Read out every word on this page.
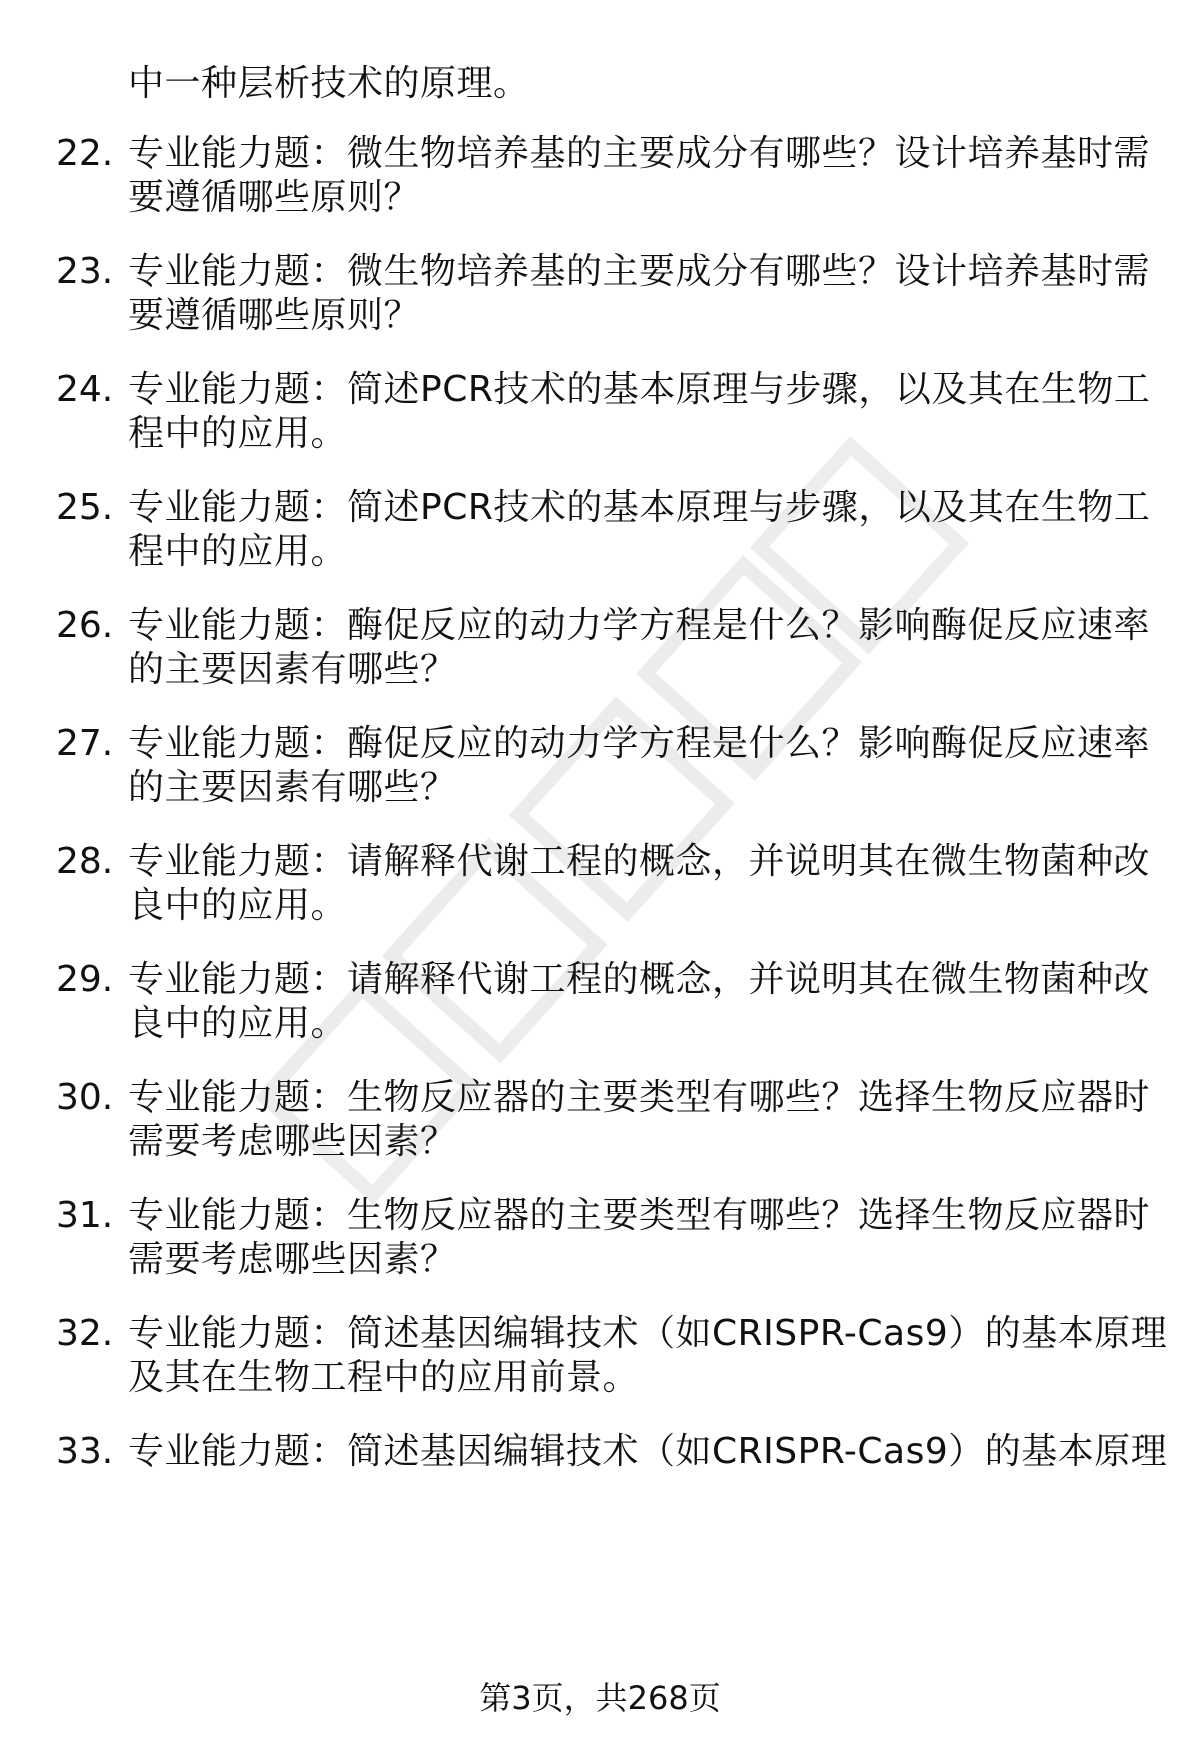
中一种层析技术的原理。
22. 专业能力题：微生物培养基的主要成分有哪些？设计培养基时需
要遵循哪些原则？
23. 专业能力题：微生物培养基的主要成分有哪些？设计培养基时需
要遵循哪些原则？
24. 专业能力题：简述PCR技术的基本原理与步骤，以及其在生物工
程中的应用。
25. 专业能力题：简述PCR技术的基本原理与步骤，以及其在生物工
程中的应用。
26. 专业能力题：酶促反应的动力学方程是什么？影响酶促反应速率
的主要因素有哪些？
27. 专业能力题：酶促反应的动力学方程是什么？影响酶促反应速率
的主要因素有哪些？
28. 专业能力题：请解释代谢工程的概念，并说明其在微生物菌种改
良中的应用。
29. 专业能力题：请解释代谢工程的概念，并说明其在微生物菌种改
良中的应用。
30. 专业能力题：生物反应器的主要类型有哪些？选择生物反应器时
需要考虑哪些因素？
31. 专业能力题：生物反应器的主要类型有哪些？选择生物反应器时
需要考虑哪些因素？
32. 专业能力题：简述基因编辑技术（如CRISPR-Cas9）的基本原理
及其在生物工程中的应用前景。
33. 专业能力题：简述基因编辑技术（如CRISPR-Cas9）的基本原理
第3页，共268页
